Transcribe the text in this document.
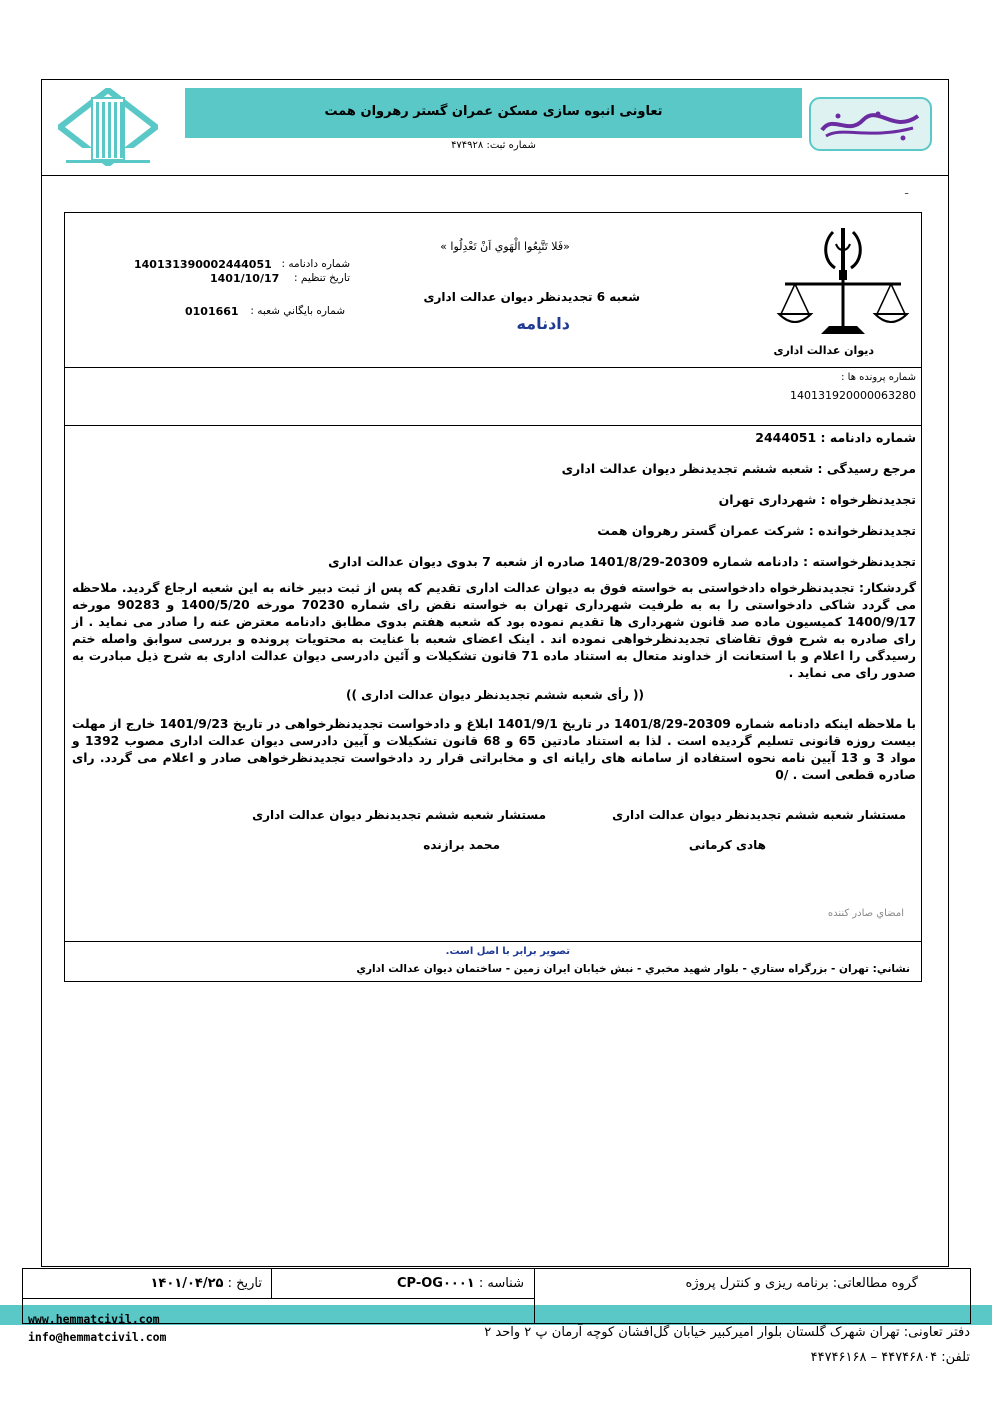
تعاونی انبوه سازی مسکن عمران گستر رهروان همت
شماره ثبت: ۴۷۴۹۲۸
ـ
دیوان عدالت اداری
«فَلا تَتَّبِعُوا الْهَوي اَنْ تَعْدِلُوا »
شعبه 6 تجدیدنظر دیوان عدالت اداری
دادنامه
شماره دادنامه :
140131390002444051
تاريخ تنظيم :
1401/10/17
شماره بايگاني شعبه :
0101661
شماره پرونده ها :
140131920000063280
شماره دادنامه : 2444051
مرجع رسیدگی : شعبه ششم تجدیدنظر دیوان عدالت اداری
تجدیدنظرخواه : شهرداری تهران
تجدیدنظرخوانده : شرکت عمران گستر رهروان همت
تجدیدنظرخواسته : دادنامه شماره 20309-1401/8/29 صادره از شعبه 7 بدوی دیوان عدالت اداری
گردشکار: تجدیدنظرخواه دادخواستی به خواسته فوق به دیوان عدالت اداری تقدیم که پس از ثبت دبیر خانه به این شعبه ارجاع گردید. ملاحظه می گردد شاکی دادخواستی را به به طرفیت شهرداری تهران به خواسته نقض رای شماره 70230 مورخه 1400/5/20 و 90283 مورخه 1400/9/17 کمیسیون ماده صد قانون شهرداری ها تقدیم نموده بود که شعبه هفتم بدوی مطابق دادنامه معترض عنه را صادر می نماید . از رای صادره به شرح فوق تقاضای تجدیدنظرخواهی نموده اند . اینک اعضای شعبه با عنایت به محتویات پرونده و بررسی سوابق واصله ختم رسیدگی را اعلام و با استعانت از خداوند متعال به استناد ماده 71 قانون تشکیلات و آئین دادرسی دیوان عدالت اداری به شرح ذیل مبادرت به صدور رای می نماید .
(( رأی شعبه ششم تجدیدنظر دیوان عدالت اداری ))
با ملاحظه اینکه دادنامه شماره 20309-1401/8/29 در تاریخ 1401/9/1 ابلاغ و دادخواست تجدیدنظرخواهی در تاریخ 1401/9/23 خارج از مهلت بیست روزه قانونی تسلیم گردیده است . لذا به استناد مادتین 65 و 68 قانون تشکیلات و آیین دادرسی دیوان عدالت اداری مصوب 1392 و مواد 3 و 13 آیین نامه نحوه استفاده از سامانه های رایانه ای و مخابراتی قرار رد دادخواست تجدیدنظرخواهی صادر و اعلام می گردد. رای صادره قطعی است . /0
مستشار شعبه ششم تجدیدنظر دیوان عدالت اداری
هادی کرمانی
مستشار شعبه ششم تجدیدنظر دیوان عدالت اداری
محمد برازنده
امضاي صادر كننده
تصوير برابر با اصل است.
نشاني: تهران - بزرگراه ستاري - بلوار شهيد مخبري - نبش خيابان ايران زمين - ساختمان ديوان عدالت اداري
گروه مطالعاتی: برنامه ریزی و کنترل پروژه
شناسه : CP-OG۰۰۰۱
تاریخ : ۱۴۰۱/۰۴/۲۵
www.hemmatcivil.com
info@hemmatcivil.com	دفتر تعاونی: تهران شهرک گلستان بلوار امیرکبیر خیابان گل‌افشان کوچه آرمان پ ۲ واحد ۲
تلفن: ۴۴۷۴۶۸۰۴ – ۴۴۷۴۶۱۶۸
